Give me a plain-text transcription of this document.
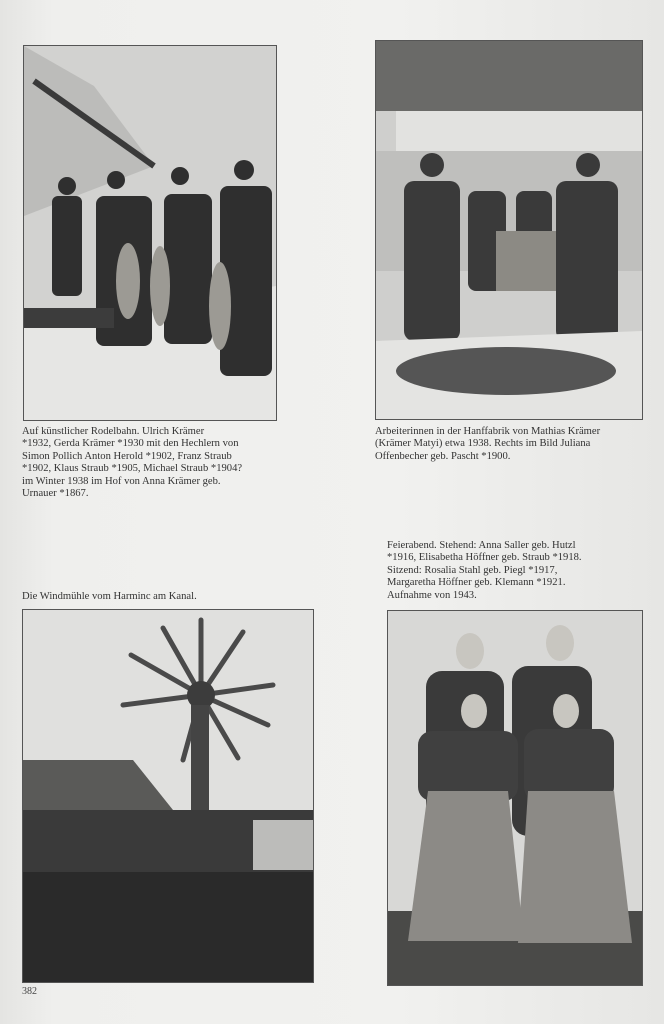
Auf künstlicher Rodelbahn. Ulrich Krämer
*1932, Gerda Krämer *1930 mit den Hechlern von
Simon Pollich Anton Herold *1902, Franz Straub
*1902, Klaus Straub *1905, Michael Straub *1904?
im Winter 1938 im Hof von Anna Krämer geb.
Urnauer *1867.
Arbeiterinnen in der Hanffabrik von Mathias Krämer
(Krämer Matyi) etwa 1938. Rechts im Bild Juliana
Offenbecher geb. Pascht *1900.
Feierabend. Stehend: Anna Saller geb. Hutzl
*1916, Elisabetha Höffner geb. Straub *1918.
Sitzend: Rosalia Stahl geb. Piegl *1917,
Margaretha Höffner geb. Klemann *1921.
Aufnahme von 1943.
Die Windmühle vom Harminc am Kanal.
382
